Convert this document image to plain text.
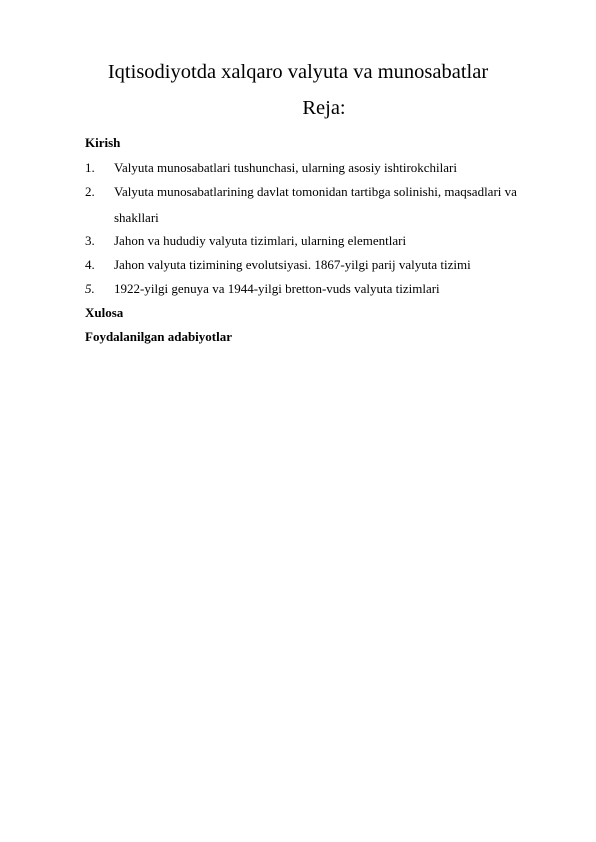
Iqtisodiyotda xalqaro valyuta va munosabatlar
Reja:
Kirish
1.	Valyuta munosabatlari tushunchasi, ularning asosiy ishtirokchilari
2.	Valyuta munosabatlarining davlat tomonidan tartibga solinishi, maqsadlari va
shakllari
3.	Jahon va hududiy valyuta tizimlari, ularning elementlari
4.	Jahon valyuta tizimining evolutsiyasi. 1867-yilgi parij valyuta tizimi
5.	1922-yilgi genuya va 1944-yilgi bretton-vuds valyuta tizimlari
Xulosa
Foydalanilgan adabiyotlar
